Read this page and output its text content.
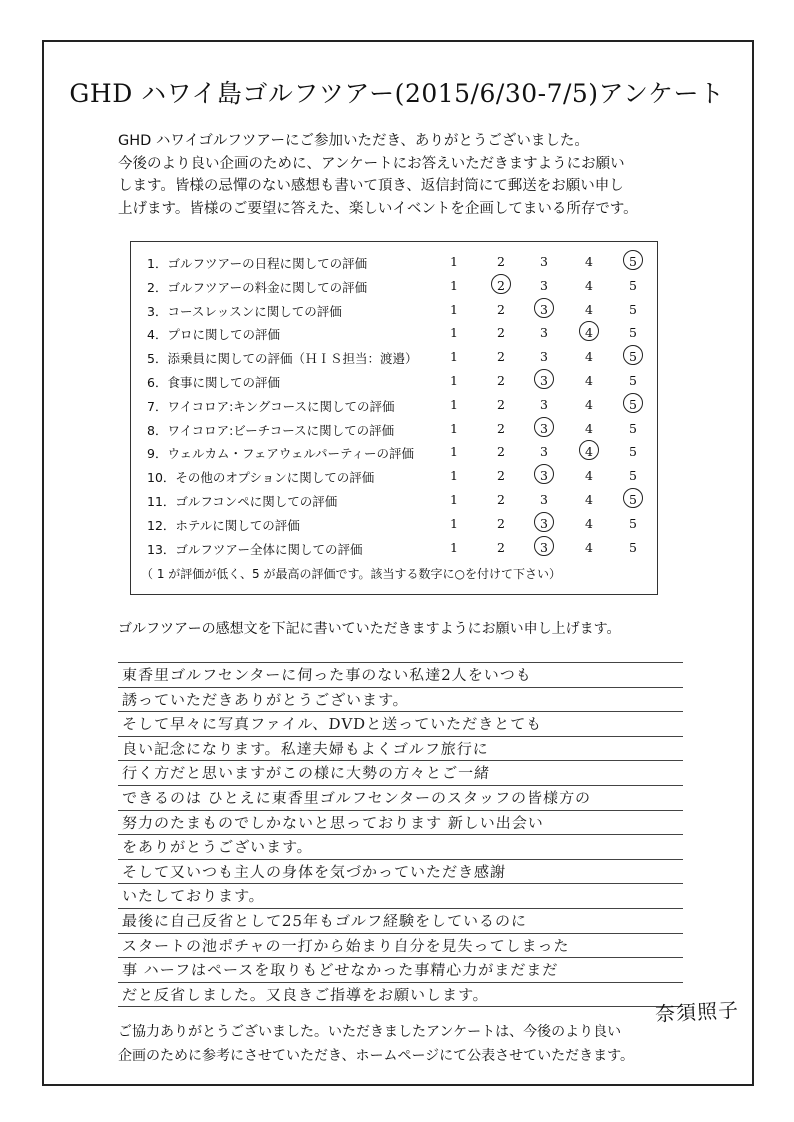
GHD ハワイ島ゴルフツアー(2015/6/30-7/5)アンケート

GHD ハワイゴルフツアーにご参加いただき、ありがとうございました。

今後のより良い企画のために、アンケートにお答えいただきますようにお願い

します。皆様の忌憚のない感想も書いて頂き、返信封筒にて郵送をお願い申し

上げます。皆様のご要望に答えた、楽しいイベントを企画してまいる所存です。

（ 1 が評価が低く、5 が最高の評価です。該当する数字に○を付けて下さい）
1．ゴルフツアーの日程に関しての評価	1	2	3	4	5
2．ゴルフツアーの料金に関しての評価	1	2	3	4	5
3．コースレッスンに関しての評価	1	2	3	4	5
4．プロに関しての評価	1	2	3	4	5
5．添乗員に関しての評価（ＨＩＳ担当：渡邉）	1	2	3	4	5
6．食事に関しての評価	1	2	3	4	5
7．ワイコロア:キングコースに関しての評価	1	2	3	4	5
8．ワイコロア:ビーチコースに関しての評価	1	2	3	4	5
9．ウェルカム・フェアウェルパーティーの評価	1	2	3	4	5
10．その他のオプションに関しての評価	1	2	3	4	5
11．ゴルフコンペに関しての評価	1	2	3	4	5
12．ホテルに関しての評価	1	2	3	4	5
13．ゴルフツアー全体に関しての評価	1	2	3	4	5
ゴルフツアーの感想文を下記に書いていただきますようにお願い申し上げます。
東香里ゴルフセンターに伺った事のない私達2人をいつも
誘っていただきありがとうございます。
そして早々に写真ファイル、DVDと送っていただきとても
良い記念になります。私達夫婦もよくゴルフ旅行に
行く方だと思いますがこの様に大勢の方々とご一緒
できるのは ひとえに東香里ゴルフセンターのスタッフの皆様方の
努力のたまものでしかないと思っております 新しい出会い
をありがとうございます。
そして又いつも主人の身体を気づかっていただき感謝
いたしております。
最後に自己反省として25年もゴルフ経験をしているのに
スタートの池ポチャの一打から始まり自分を見失ってしまった
事 ハーフはペースを取りもどせなかった事精心力がまだまだ
だと反省しました。又良きご指導をお願いします。
奈須照子

ご協力ありがとうございました。いただきましたアンケートは、今後のより良い

企画のために参考にさせていただき、ホームページにて公表させていただきます。
